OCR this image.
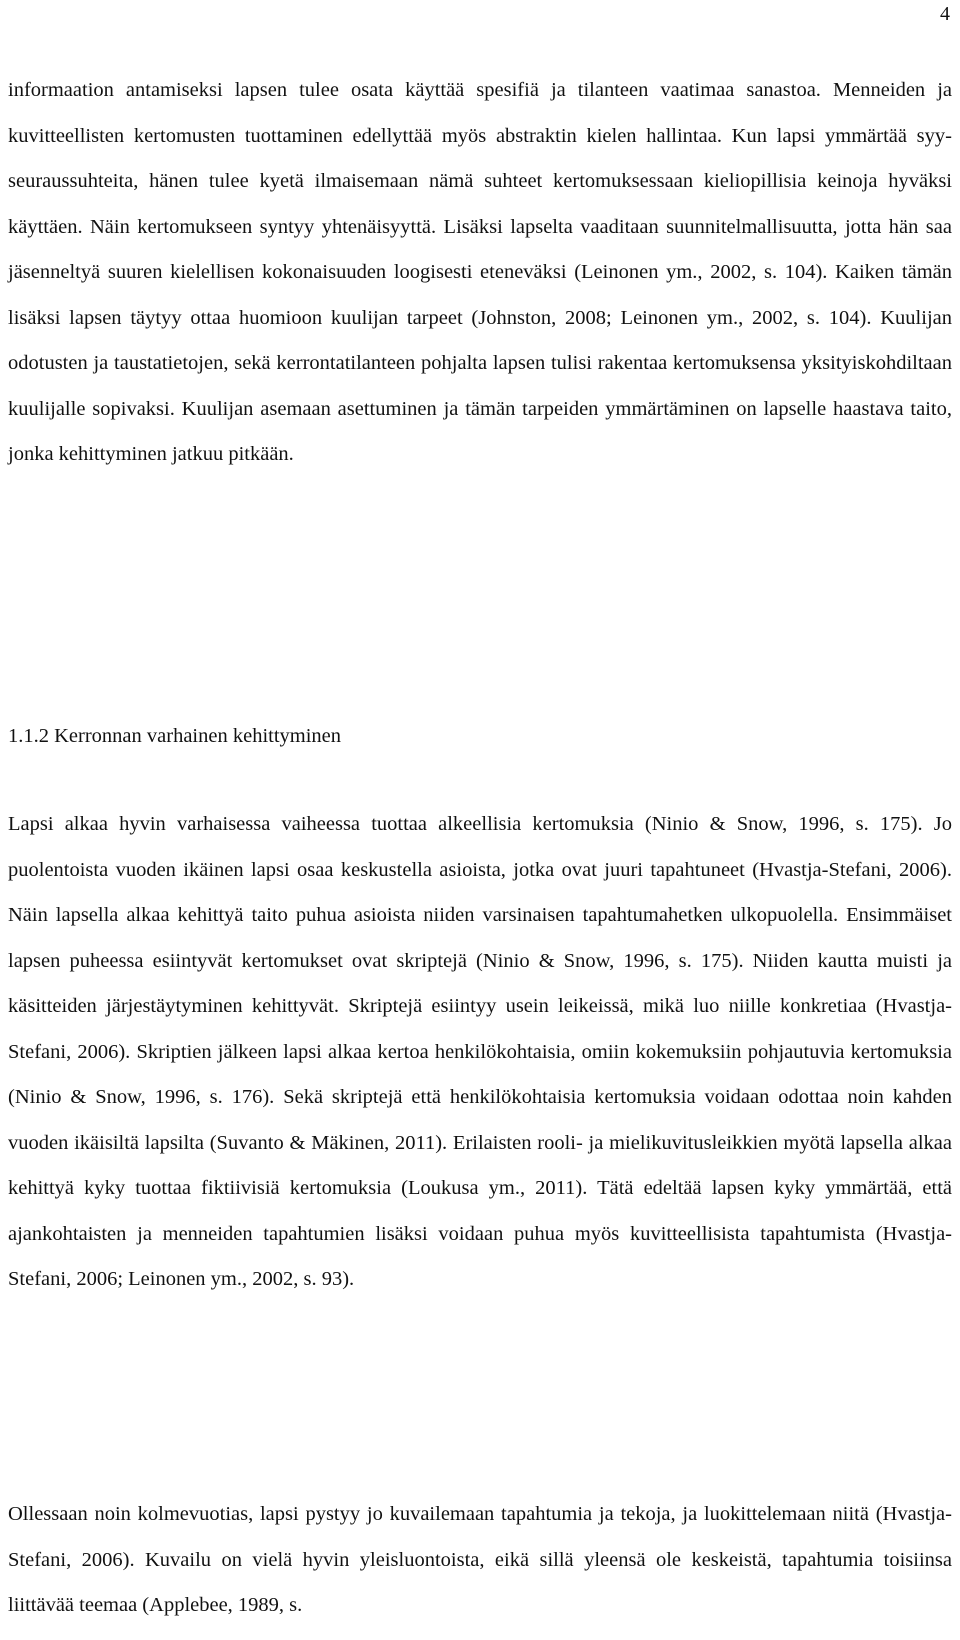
4

informaation antamiseksi lapsen tulee osata käyttää spesifiä ja tilanteen vaatimaa sanastoa. Menneiden ja kuvitteellisten kertomusten tuottaminen edellyttää myös abstraktin kielen hallintaa. Kun lapsi ymmärtää syy-seuraussuhteita, hänen tulee kyetä ilmaisemaan nämä suhteet kertomuksessaan kieliopillisia keinoja hyväksi käyttäen. Näin kertomukseen syntyy yhtenäisyyttä. Lisäksi lapselta vaaditaan suunnitelmallisuutta, jotta hän saa jäsenneltyä suuren kielellisen kokonaisuuden loogisesti eteneväksi (Leinonen ym., 2002, s. 104). Kaiken tämän lisäksi lapsen täytyy ottaa huomioon kuulijan tarpeet (Johnston, 2008; Leinonen ym., 2002, s. 104). Kuulijan odotusten ja taustatietojen, sekä kerrontatilanteen pohjalta lapsen tulisi rakentaa kertomuksensa yksityiskohdiltaan kuulijalle sopivaksi. Kuulijan asemaan asettuminen ja tämän tarpeiden ymmärtäminen on lapselle haastava taito, jonka kehittyminen jatkuu pitkään.

1.1.2 Kerronnan varhainen kehittyminen

Lapsi alkaa hyvin varhaisessa vaiheessa tuottaa alkeellisia kertomuksia (Ninio & Snow, 1996, s. 175). Jo puolentoista vuoden ikäinen lapsi osaa keskustella asioista, jotka ovat juuri tapahtuneet (Hvastja-Stefani, 2006). Näin lapsella alkaa kehittyä taito puhua asioista niiden varsinaisen tapahtumahetken ulkopuolella. Ensimmäiset lapsen puheessa esiintyvät kertomukset ovat skriptejä (Ninio & Snow, 1996, s. 175). Niiden kautta muisti ja käsitteiden järjestäytyminen kehittyvät. Skriptejä esiintyy usein leikeissä, mikä luo niille konkretiaa (Hvastja-Stefani, 2006). Skriptien jälkeen lapsi alkaa kertoa henkilökohtaisia, omiin kokemuksiin pohjautuvia kertomuksia (Ninio & Snow, 1996, s. 176). Sekä skriptejä että henkilökohtaisia kertomuksia voidaan odottaa noin kahden vuoden ikäisiltä lapsilta (Suvanto & Mäkinen, 2011). Erilaisten rooli- ja mielikuvitusleikkien myötä lapsella alkaa kehittyä kyky tuottaa fiktiivisiä kertomuksia (Loukusa ym., 2011). Tätä edeltää lapsen kyky ymmärtää, että ajankohtaisten ja menneiden tapahtumien lisäksi voidaan puhua myös kuvitteellisista tapahtumista (Hvastja-Stefani, 2006; Leinonen ym., 2002, s. 93).

Ollessaan noin kolmevuotias, lapsi pystyy jo kuvailemaan tapahtumia ja tekoja, ja luokittelemaan niitä (Hvastja-Stefani, 2006). Kuvailu on vielä hyvin yleisluontoista, eikä sillä yleensä ole keskeistä, tapahtumia toisiinsa liittävää teemaa (Applebee, 1989, s.
